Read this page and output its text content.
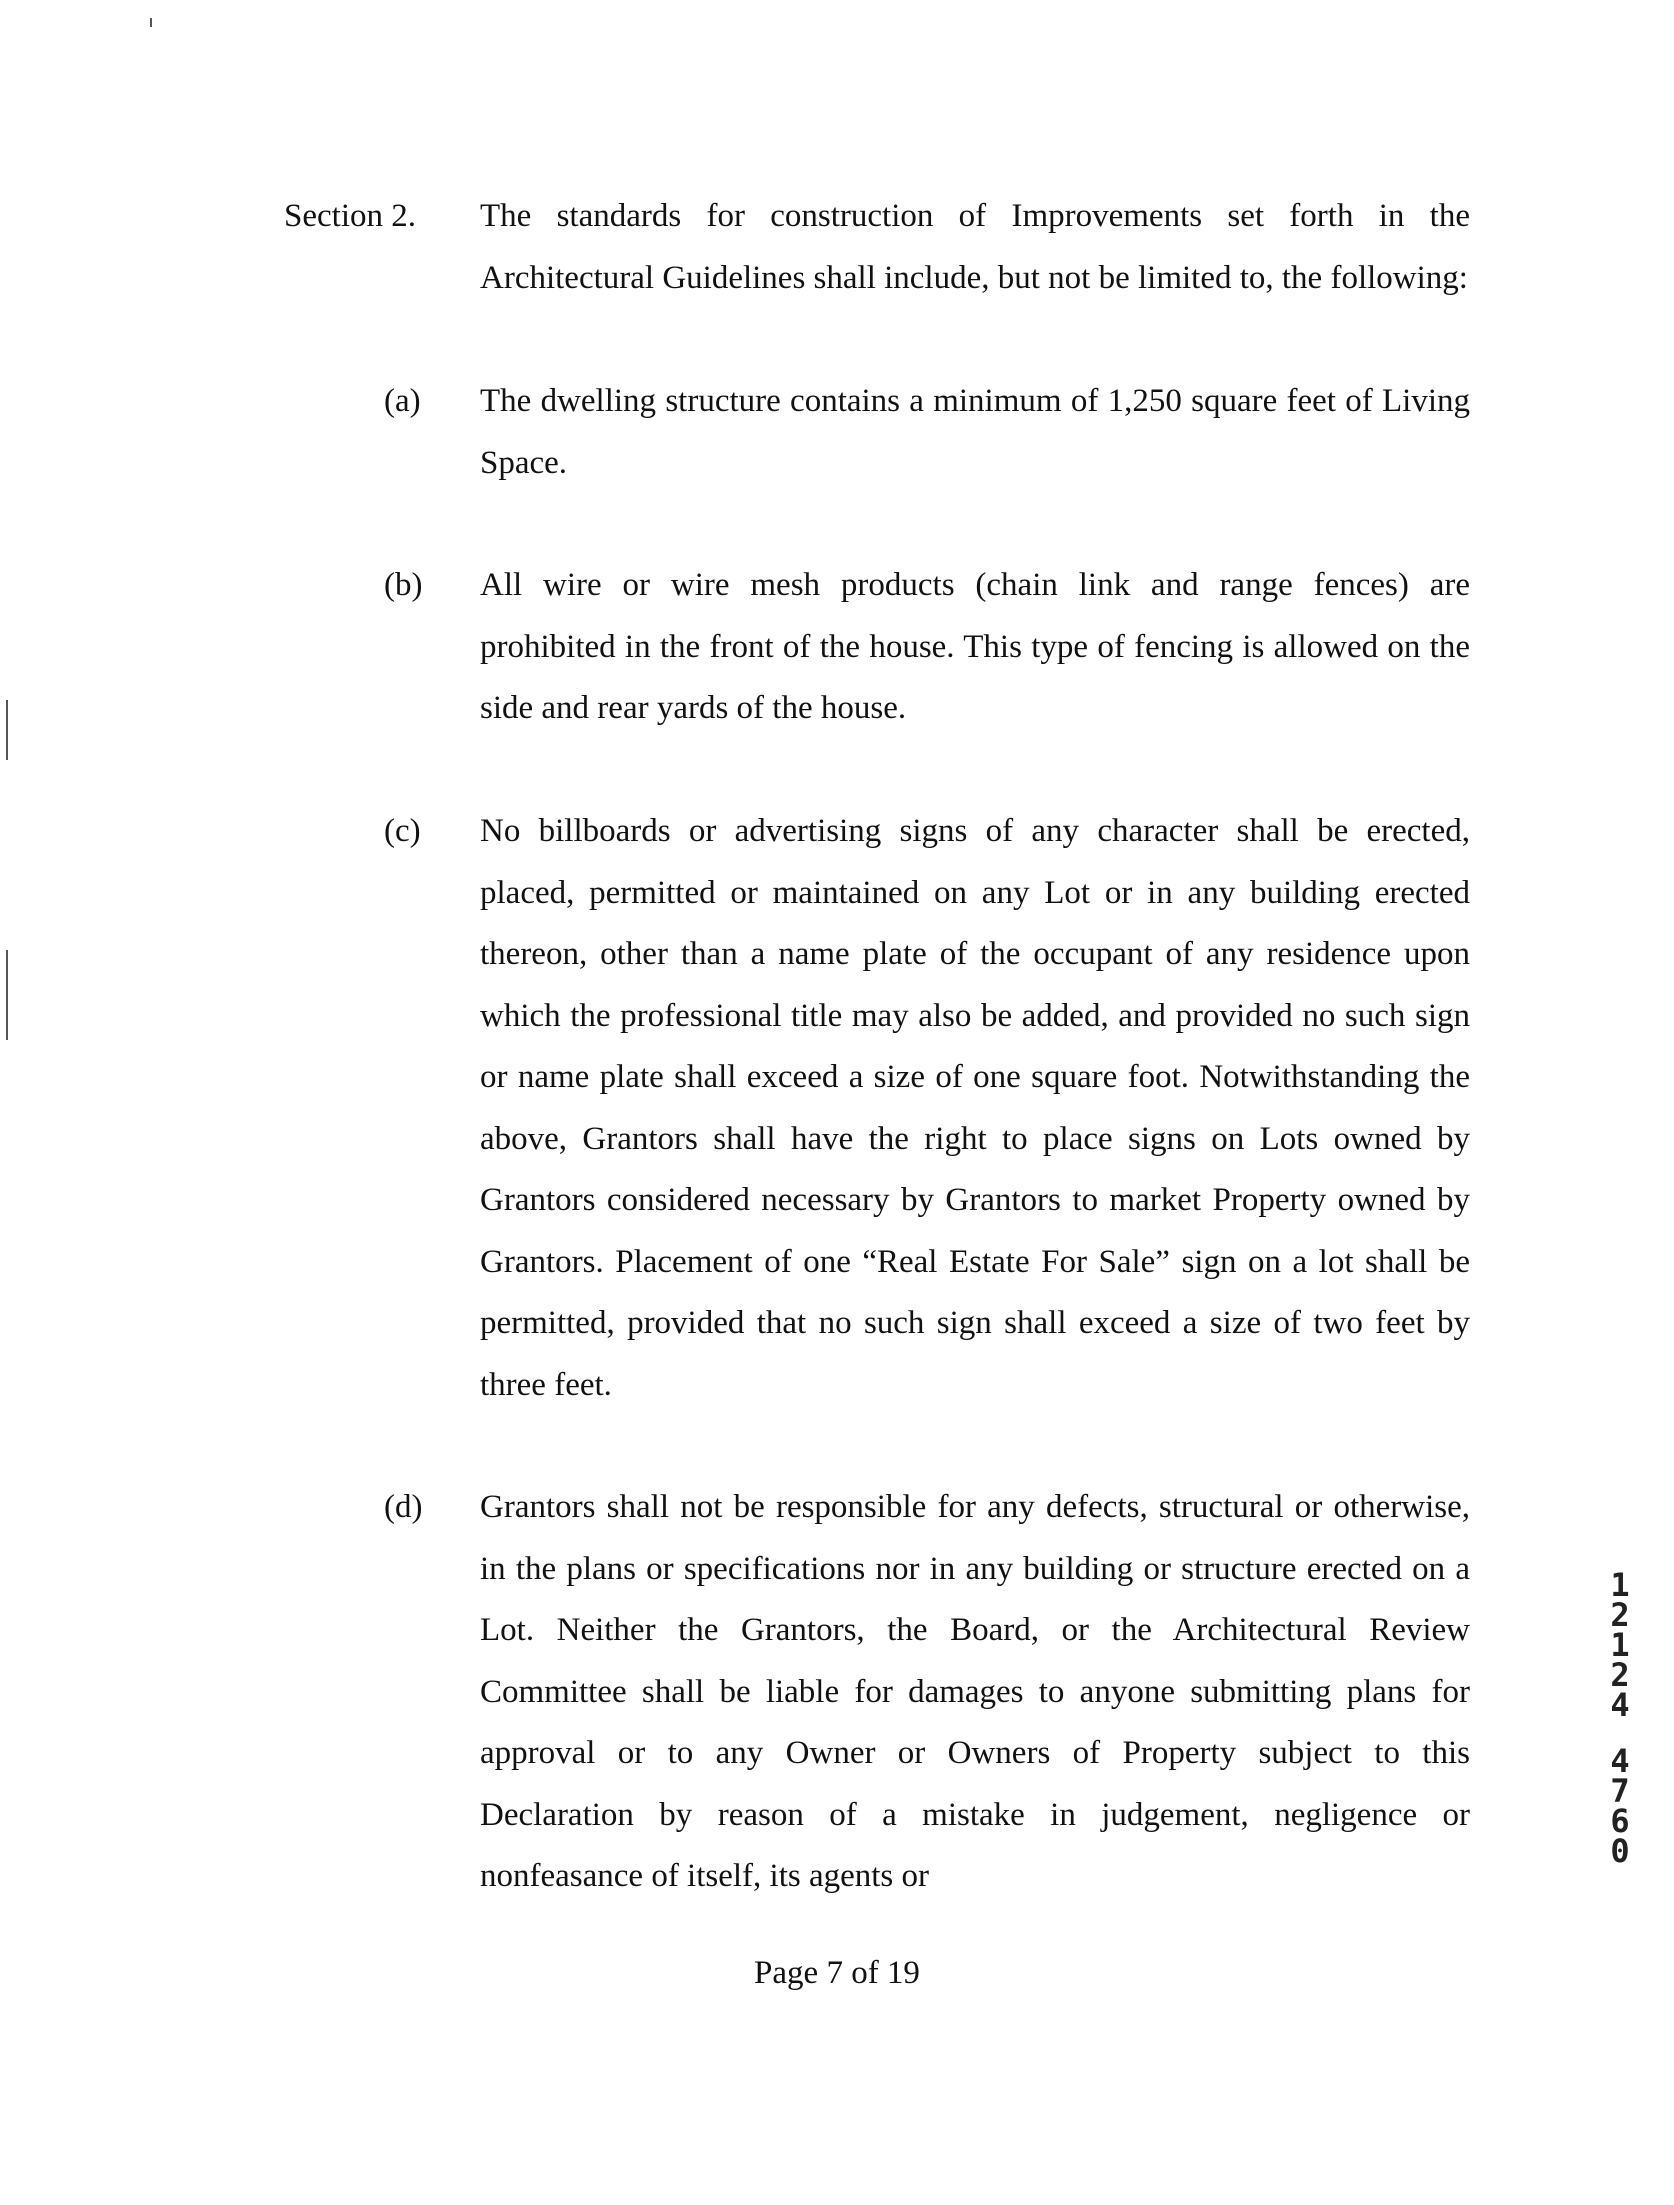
Section 2. The standards for construction of Improvements set forth in the Architectural Guidelines shall include, but not be limited to, the following:
(a) The dwelling structure contains a minimum of 1,250 square feet of Living Space.
(b) All wire or wire mesh products (chain link and range fences) are prohibited in the front of the house. This type of fencing is allowed on the side and rear yards of the house.
(c) No billboards or advertising signs of any character shall be erected, placed, permitted or maintained on any Lot or in any building erected thereon, other than a name plate of the occupant of any residence upon which the professional title may also be added, and provided no such sign or name plate shall exceed a size of one square foot. Notwithstanding the above, Grantors shall have the right to place signs on Lots owned by Grantors considered necessary by Grantors to market Property owned by Grantors. Placement of one “Real Estate For Sale” sign on a lot shall be permitted, provided that no such sign shall exceed a size of two feet by three feet.
(d) Grantors shall not be responsible for any defects, structural or otherwise, in the plans or specifications nor in any building or structure erected on a Lot. Neither the Grantors, the Board, or the Architectural Review Committee shall be liable for damages to anyone submitting plans for approval or to any Owner or Owners of Property subject to this Declaration by reason of a mistake in judgement, negligence or nonfeasance of itself, its agents or
Page 7 of 19
1
2
1
2
4
4
7
6
0
